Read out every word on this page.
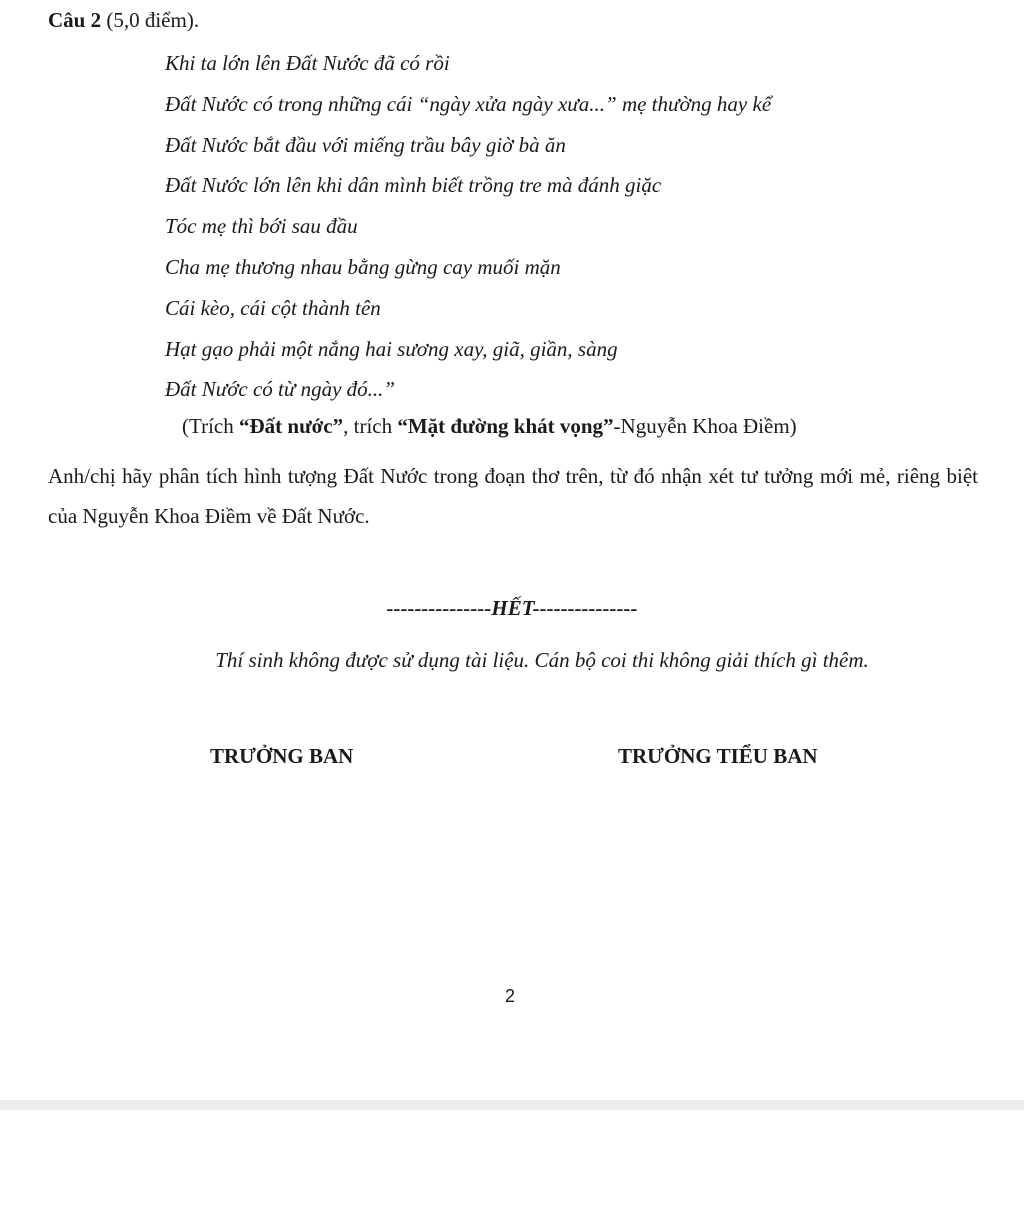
Câu 2 (5,0 điểm).
Khi ta lớn lên Đất Nước đã có rồi
Đất Nước có trong những cái “ngày xửa ngày xưa...” mẹ thường hay kể
Đất Nước bắt đầu với miếng trầu bây giờ bà ăn
Đất Nước lớn lên khi dân mình biết trồng tre mà đánh giặc
Tóc mẹ thì bới sau đầu
Cha mẹ thương nhau bằng gừng cay muối mặn
Cái kèo, cái cột thành tên
Hạt gạo phải một nắng hai sương xay, giã, giần, sàng
Đất Nước có từ ngày đó...”
(Trích “Đất nước”, trích “Mặt đường khát vọng”-Nguyễn Khoa Điềm)
Anh/chị hãy phân tích hình tượng Đất Nước trong đoạn thơ trên, từ đó nhận xét tư tưởng mới mẻ, riêng biệt của Nguyễn Khoa Điềm về Đất Nước.
---------------HẾT---------------
Thí sinh không được sử dụng tài liệu. Cán bộ coi thi không giải thích gì thêm.
TRƯỞNG BAN	TRƯỞNG TIỂU BAN
2
